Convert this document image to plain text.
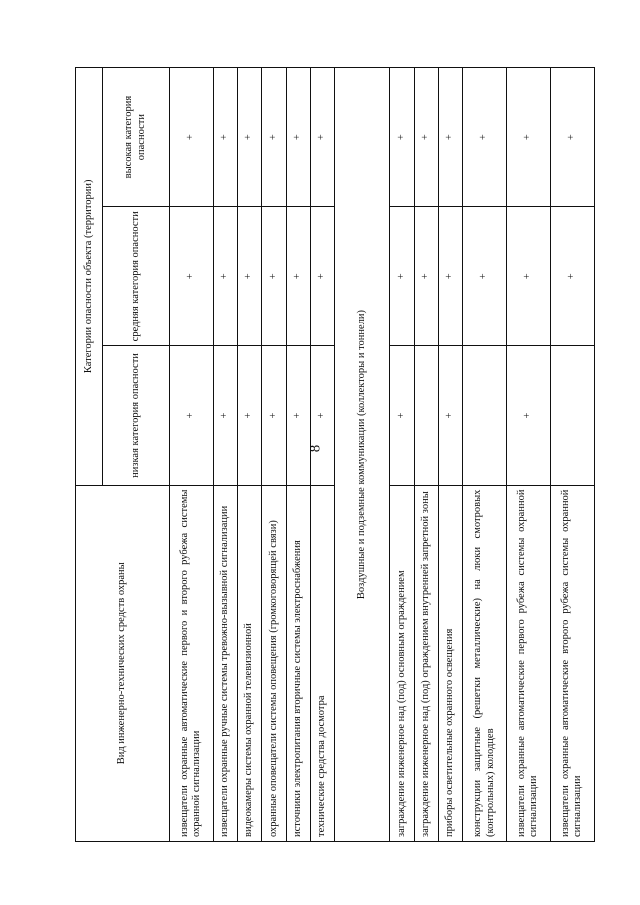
8
Вид инженерно-технических средств охраны	Категории опасности объекта (территории)		
	низкая категория опасности	средняя категория опасности	высокая категория опасности
извещатели охранные автоматические первого и второго рубежа системы охранной сигнализации	+	+	+
извещатели охранные ручные системы тревожно-вызывной сигнализации	+	+	+
видеокамеры системы охранной телевизионной	+	+	+
охранные оповещатели системы оповещения (громкоговорящей связи)	+	+	+
источники электропитания вторичные системы электроснабжения	+	+	+
технические средства досмотра	+	+	+
Воздушные и подземные коммуникации (коллекторы и тоннели)			
заграждение инженерное над (под) основным ограждением	+	+	+
заграждение инженерное над (под) ограждением внутренней запретной зоны		+	+
приборы осветительные охранного освещения	+	+	+
конструкции защитные (решетки металлические) на люки смотровых (контрольных) колодцев		+	+
извещатели охранные автоматические первого рубежа системы охранной сигнализации	+	+	+
извещатели охранные автоматические второго рубежа системы охранной сигнализации		+	+
